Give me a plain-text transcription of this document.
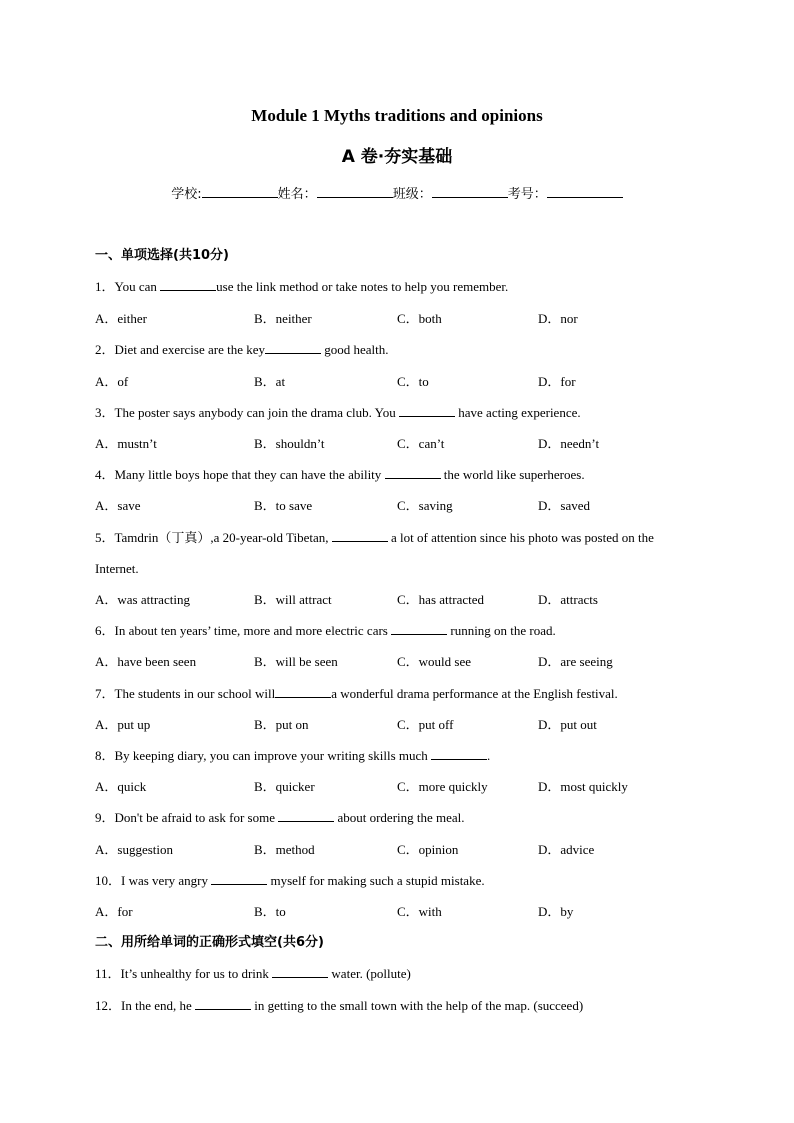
Module 1 Myths traditions and opinions
A 卷·夯实基础
学校:	姓名：	班级：	考号：
一、单项选择(共10分)
1．You can	use the link method or take notes to help you remember.
A．either	B．neither	C．both	D．nor
2．Diet and exercise are the key	good health.
A．of	B．at	C．to	D．for
3．The poster says anybody can join the drama club. You	have acting experience.
A．mustn’t	B．shouldn’t	C．can’t	D．needn’t
4．Many little boys hope that they can have the ability	the world like superheroes.
A．save	B．to save	C．saving	D．saved
5．Tamdrin（丁真）,a 20-year-old Tibetan,	a lot of attention since his photo was posted on the
Internet.
A．was attracting	B．will attract	C．has attracted	D．attracts
6．In about ten years’ time, more and more electric cars	running on the road.
A．have been seen	B．will be seen	C．would see	D．are seeing
7．The students in our school will	a wonderful drama performance at the English festival.
A．put up	B．put on	C．put off	D．put out
8．By keeping diary, you can improve your writing skills much	.
A．quick	B．quicker	C．more quickly	D．most quickly
9．Don't be afraid to ask for some	about ordering the meal.
A．suggestion	B．method	C．opinion	D．advice
10．I was very angry	myself for making such a stupid mistake.
A．for	B．to	C．with	D．by
二、用所给单词的正确形式填空(共6分)
11．It’s unhealthy for us to drink	water. (pollute)
12．In the end, he	in getting to the small town with the help of the map. (succeed)
